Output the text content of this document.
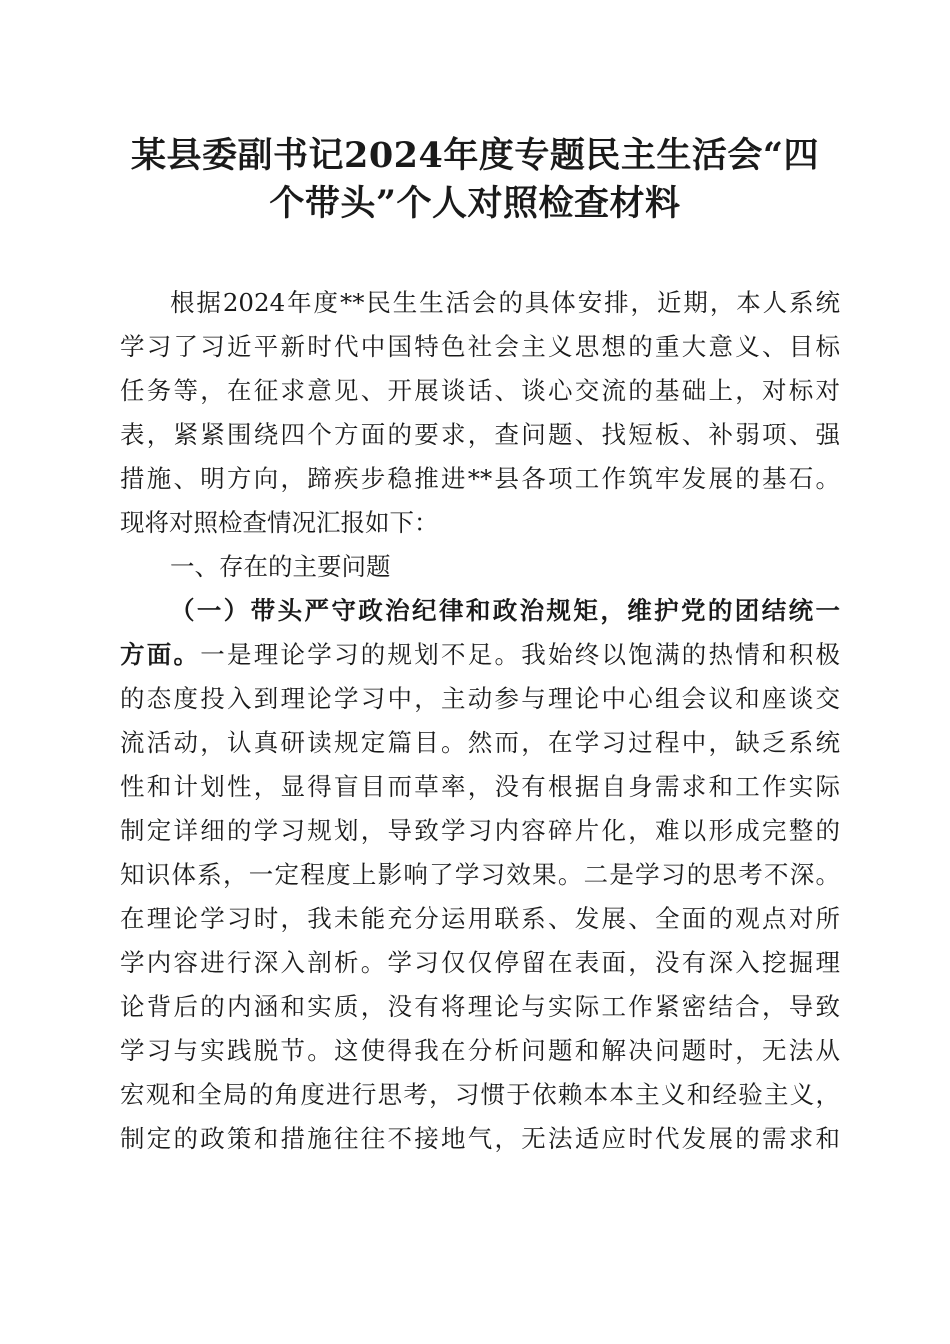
某县委副书记2024年度专题民主生活会“四
个带头”个人对照检查材料
根据2024年度**民生生活会的具体安排，近期，本人系统
学习了习近平新时代中国特色社会主义思想的重大意义、目标
任务等，在征求意见、开展谈话、谈心交流的基础上，对标对
表，紧紧围绕四个方面的要求，查问题、找短板、补弱项、强
措施、明方向，蹄疾步稳推进**县各项工作筑牢发展的基石。
现将对照检查情况汇报如下：
一、存在的主要问题
（一）带头严守政治纪律和政治规矩，维护党的团结统一
方面。一是理论学习的规划不足。我始终以饱满的热情和积极
的态度投入到理论学习中，主动参与理论中心组会议和座谈交
流活动，认真研读规定篇目。然而，在学习过程中，缺乏系统
性和计划性，显得盲目而草率，没有根据自身需求和工作实际
制定详细的学习规划，导致学习内容碎片化，难以形成完整的
知识体系，一定程度上影响了学习效果。二是学习的思考不深。
在理论学习时，我未能充分运用联系、发展、全面的观点对所
学内容进行深入剖析。学习仅仅停留在表面，没有深入挖掘理
论背后的内涵和实质，没有将理论与实际工作紧密结合，导致
学习与实践脱节。这使得我在分析问题和解决问题时，无法从
宏观和全局的角度进行思考，习惯于依赖本本主义和经验主义，
制定的政策和措施往往不接地气，无法适应时代发展的需求和
